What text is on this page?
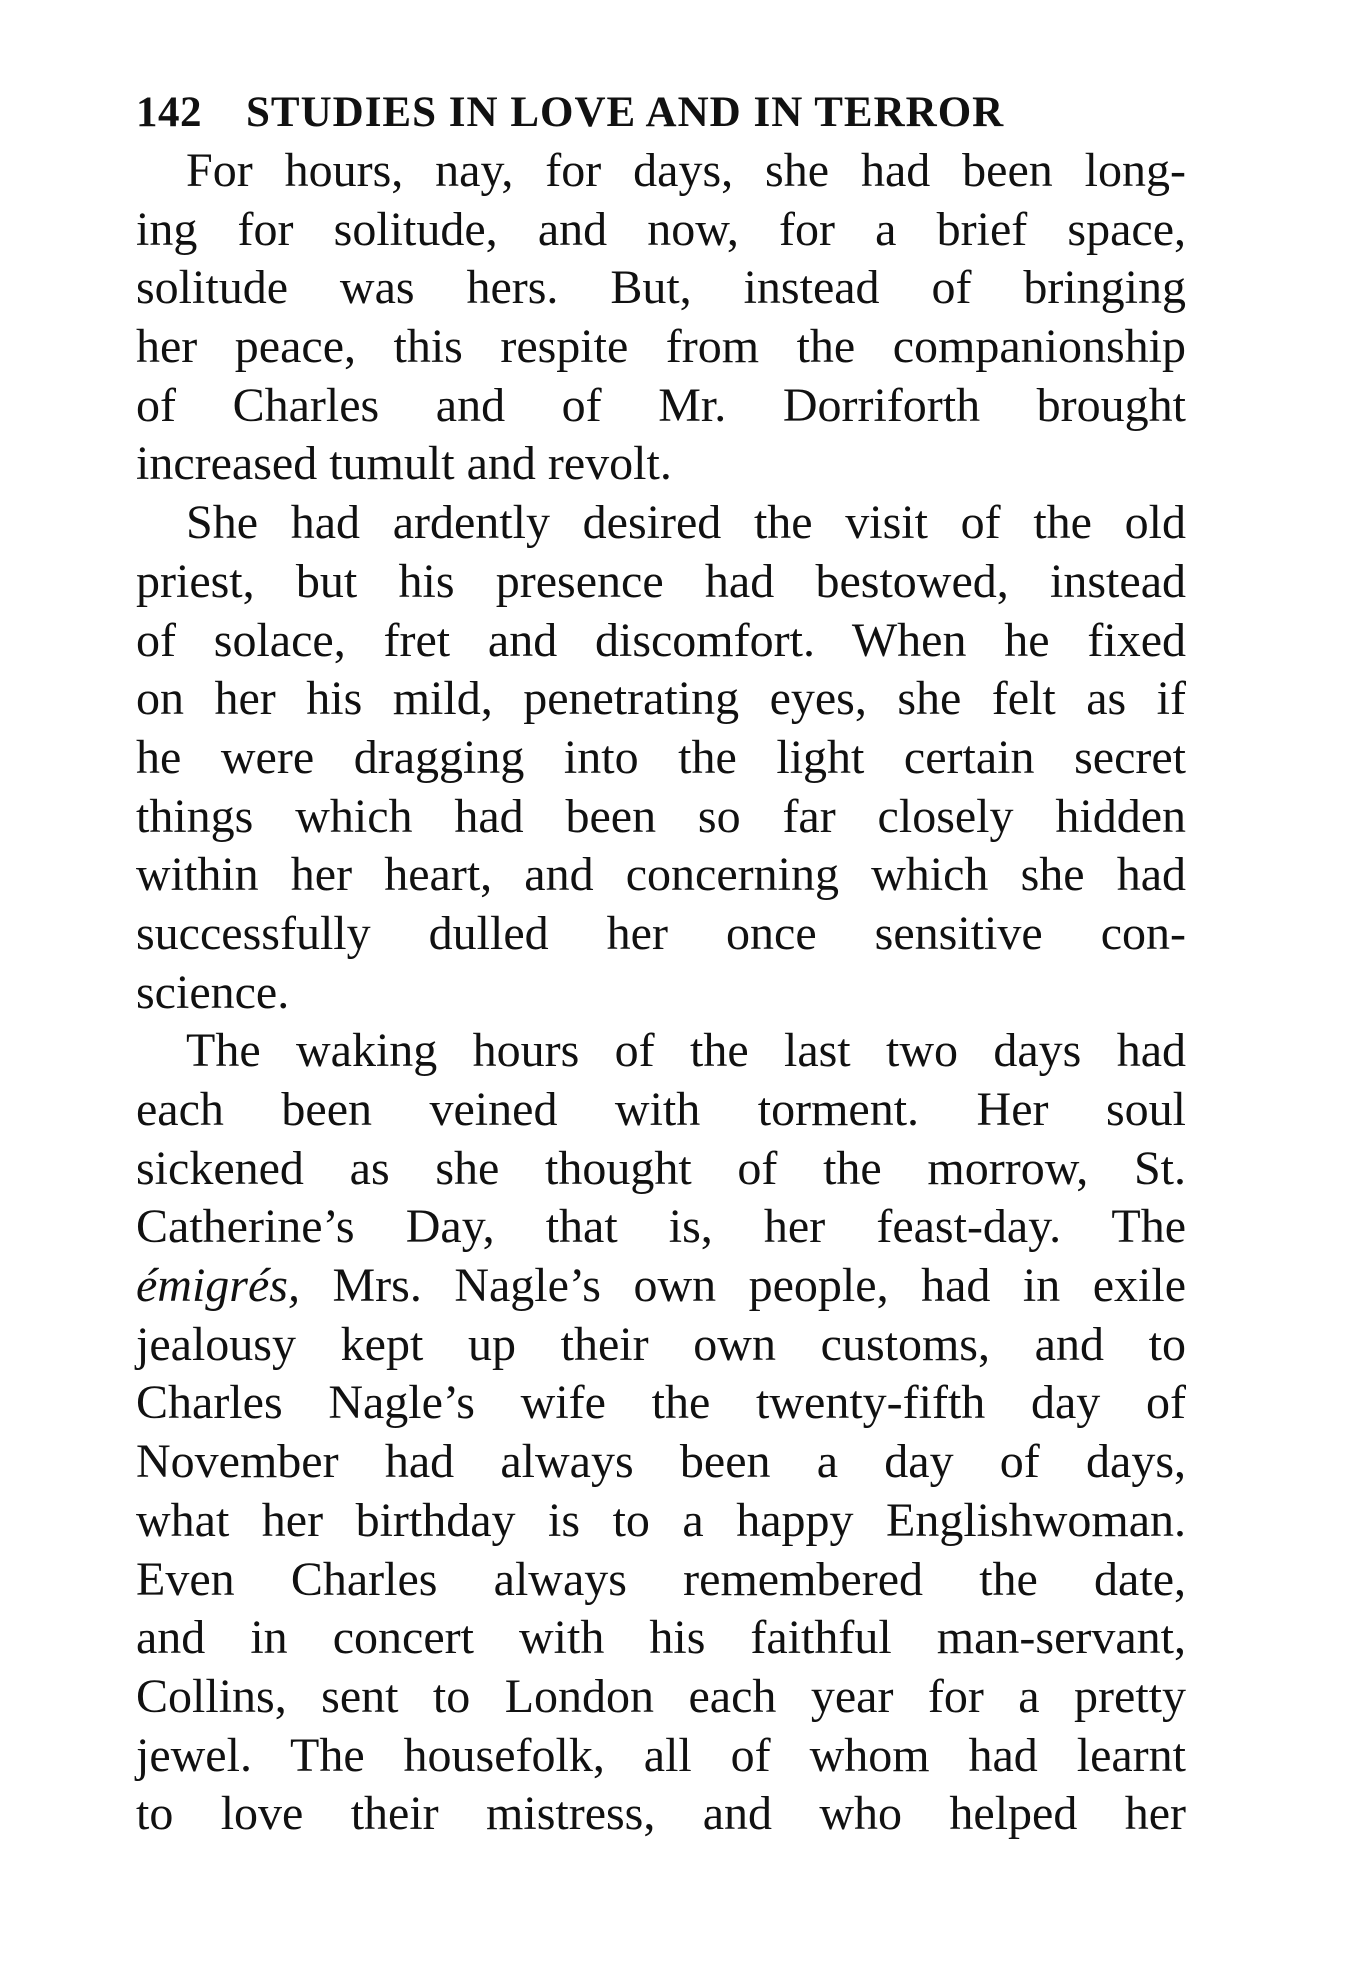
142	STUDIES IN LOVE AND IN TERROR
For hours, nay, for days, she had been long-
ing for solitude, and now, for a brief space,
solitude was hers. But, instead of bringing
her peace, this respite from the companionship
of Charles and of Mr. Dorriforth brought
increased tumult and revolt.
She had ardently desired the visit of the old
priest, but his presence had bestowed, instead
of solace, fret and discomfort. When he fixed
on her his mild, penetrating eyes, she felt as if
he were dragging into the light certain secret
things which had been so far closely hidden
within her heart, and concerning which she had
successfully dulled her once sensitive con-
science.
The waking hours of the last two days had
each been veined with torment. Her soul
sickened as she thought of the morrow, St.
Catherine’s Day, that is, her feast-day. The
émigrés, Mrs. Nagle’s own people, had in exile
jealousy kept up their own customs, and to
Charles Nagle’s wife the twenty-fifth day of
November had always been a day of days,
what her birthday is to a happy Englishwoman.
Even Charles always remembered the date,
and in concert with his faithful man-servant,
Collins, sent to London each year for a pretty
jewel. The housefolk, all of whom had learnt
to love their mistress, and who helped her
